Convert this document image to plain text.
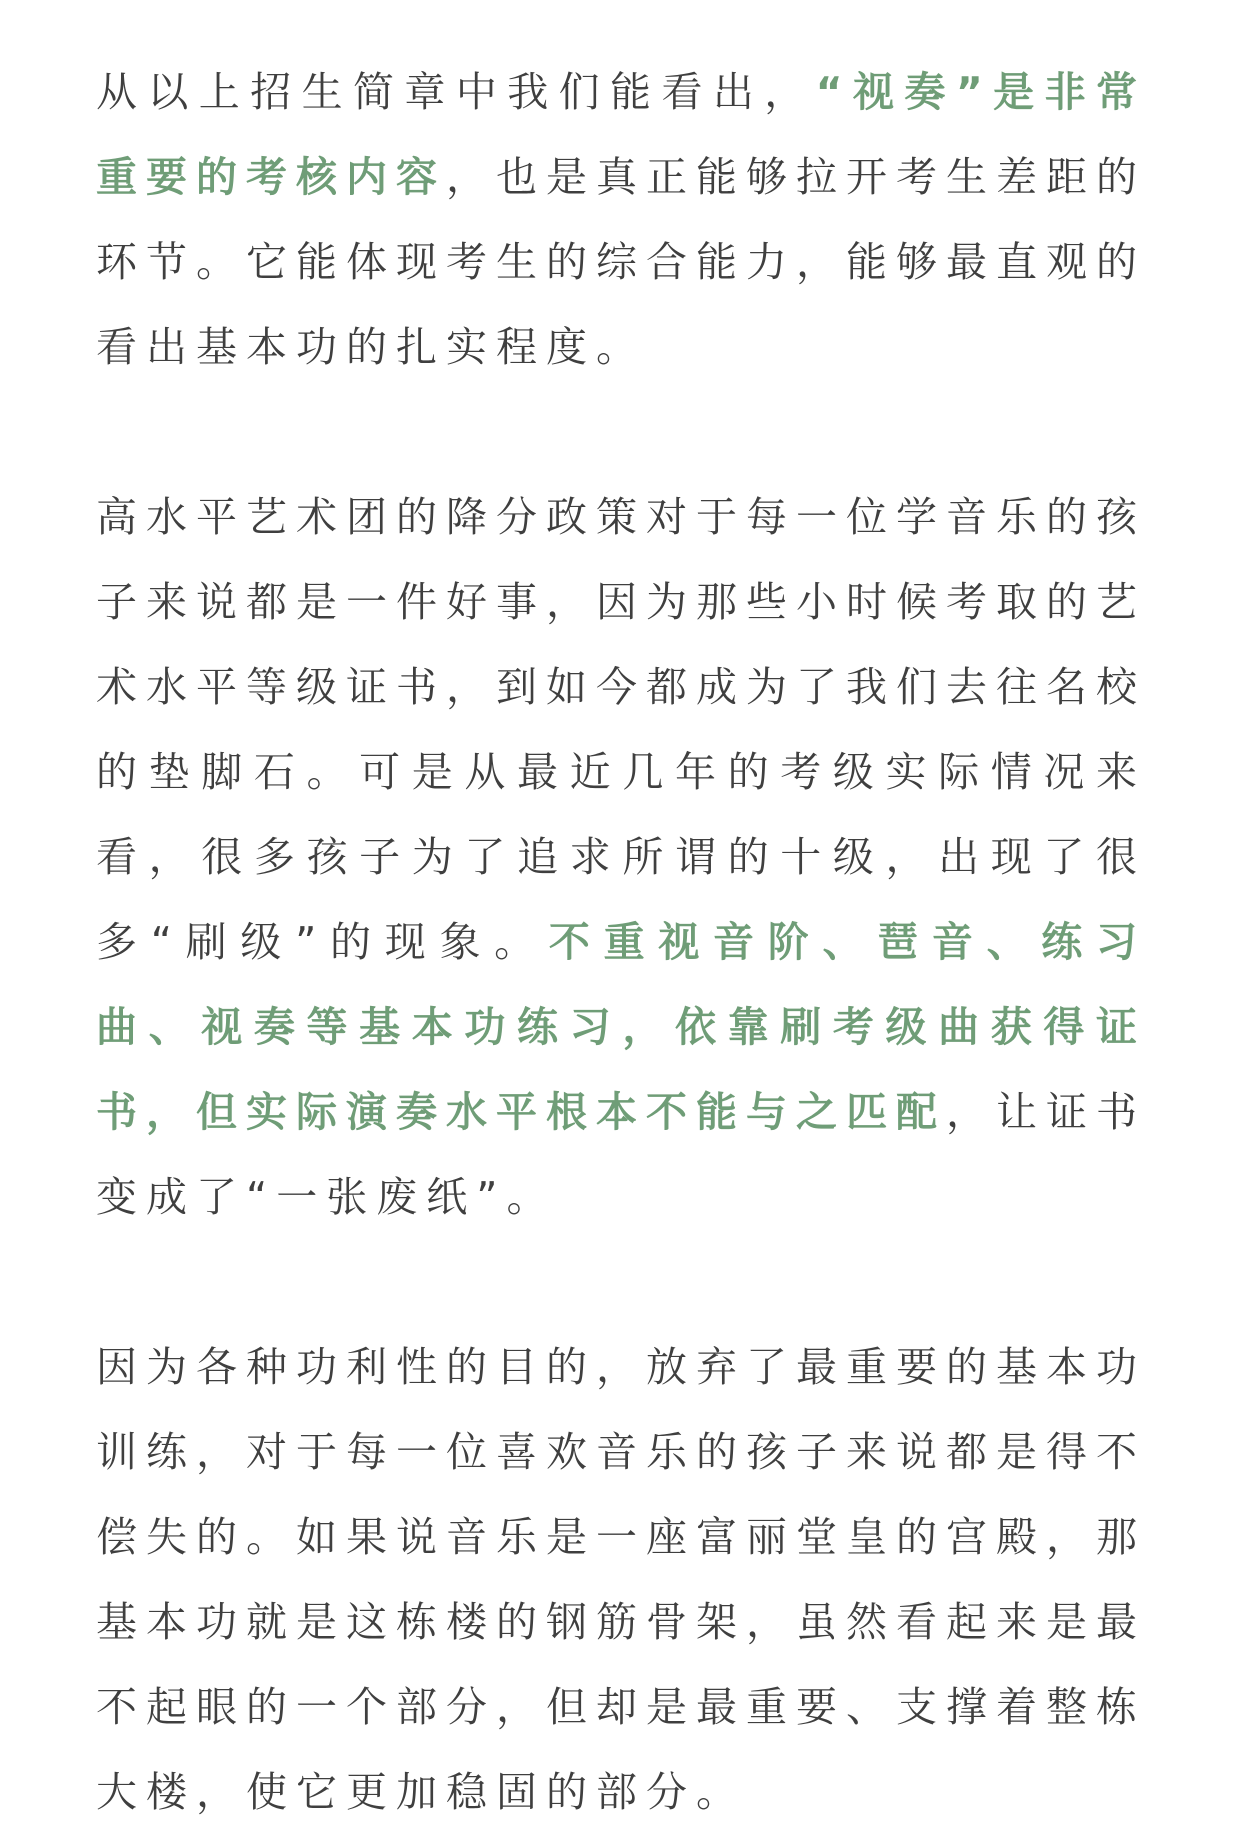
从以上招生简章中我们能看出，“视奏”是非常重要的考核内容，也是真正能够拉开考生差距的环节。它能体现考生的综合能力，能够最直观的看出基本功的扎实程度。

高水平艺术团的降分政策对于每一位学音乐的孩子来说都是一件好事，因为那些小时候考取的艺术水平等级证书，到如今都成为了我们去往名校的垫脚石。可是从最近几年的考级实际情况来看，很多孩子为了追求所谓的十级，出现了很多“刷级”的现象。不重视音阶、琶音、练习曲、视奏等基本功练习，依靠刷考级曲获得证书，但实际演奏水平根本不能与之匹配，让证书变成了“一张废纸”。

因为各种功利性的目的，放弃了最重要的基本功训练，对于每一位喜欢音乐的孩子来说都是得不偿失的。如果说音乐是一座富丽堂皇的宫殿，那基本功就是这栋楼的钢筋骨架，虽然看起来是最不起眼的一个部分，但却是最重要、支撑着整栋大楼，使它更加稳固的部分。
